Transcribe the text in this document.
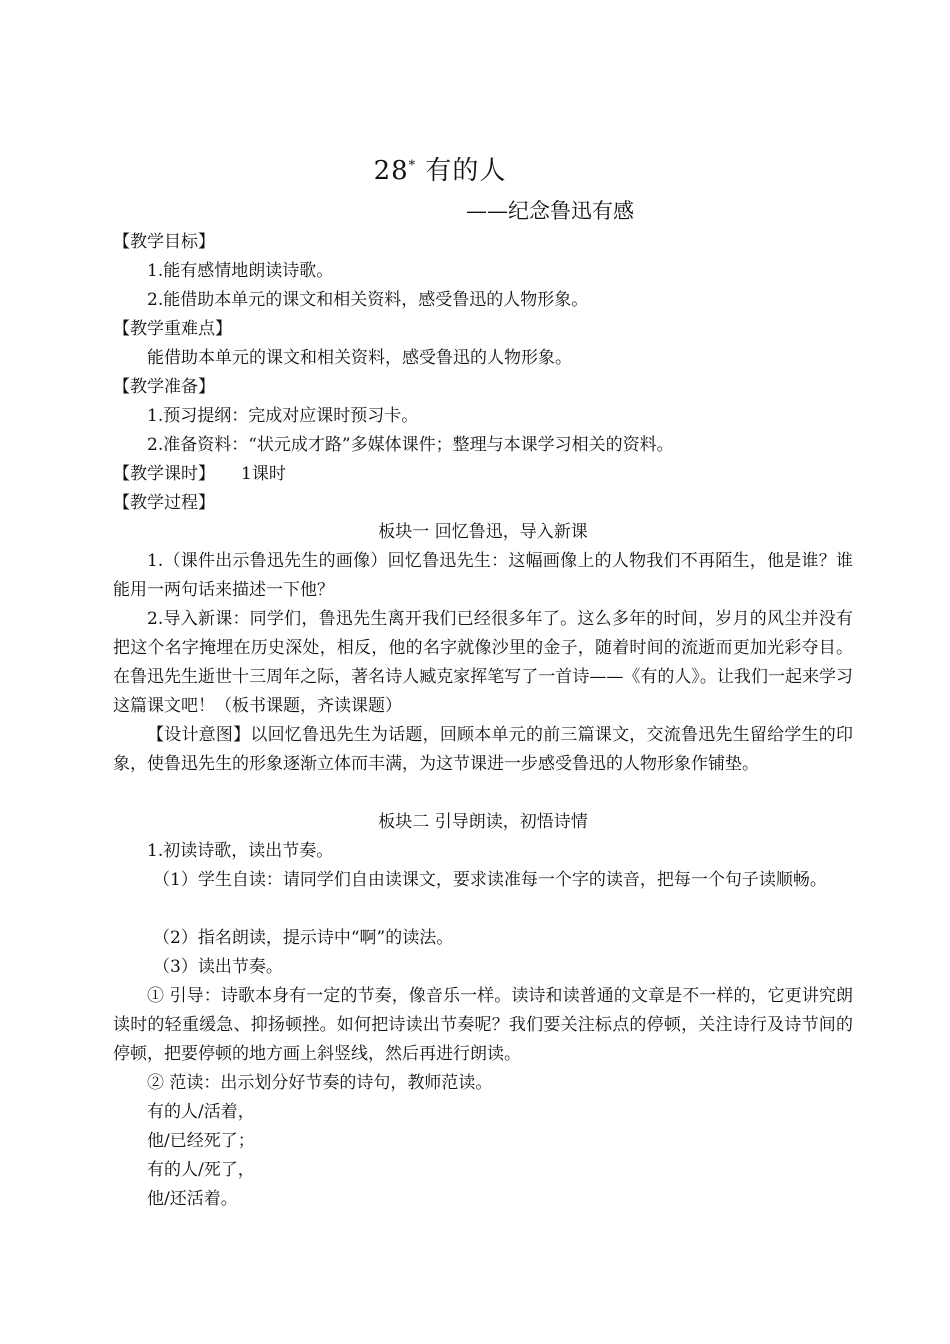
28* 有的人
——纪念鲁迅有感
【教学目标】
1.能有感情地朗读诗歌。
2.能借助本单元的课文和相关资料，感受鲁迅的人物形象。
【教学重难点】
能借助本单元的课文和相关资料，感受鲁迅的人物形象。
【教学准备】
1.预习提纲：完成对应课时预习卡。
2.准备资料：“状元成才路”多媒体课件；整理与本课学习相关的资料。
【教学课时】 1课时
【教学过程】
板块一 回忆鲁迅，导入新课
1.（课件出示鲁迅先生的画像）回忆鲁迅先生：这幅画像上的人物我们不再陌生，他是谁？谁能用一两句话来描述一下他？
2.导入新课：同学们，鲁迅先生离开我们已经很多年了。这么多年的时间，岁月的风尘并没有把这个名字掩埋在历史深处，相反，他的名字就像沙里的金子，随着时间的流逝而更加光彩夺目。在鲁迅先生逝世十三周年之际，著名诗人臧克家挥笔写了一首诗——《有的人》。让我们一起来学习这篇课文吧！（板书课题，齐读课题）
【设计意图】以回忆鲁迅先生为话题，回顾本单元的前三篇课文，交流鲁迅先生留给学生的印象，使鲁迅先生的形象逐渐立体而丰满，为这节课进一步感受鲁迅的人物形象作铺垫。
板块二 引导朗读，初悟诗情
1.初读诗歌，读出节奏。
（1）学生自读：请同学们自由读课文，要求读准每一个字的读音，把每一个句子读顺畅。
（2）指名朗读，提示诗中“啊”的读法。
（3）读出节奏。
① 引导：诗歌本身有一定的节奏，像音乐一样。读诗和读普通的文章是不一样的，它更讲究朗读时的轻重缓急、抑扬顿挫。如何把诗读出节奏呢？我们要关注标点的停顿，关注诗行及诗节间的停顿，把要停顿的地方画上斜竖线，然后再进行朗读。
② 范读：出示划分好节奏的诗句，教师范读。
有的人/活着，
他/已经死了；
有的人/死了，
他/还活着。
